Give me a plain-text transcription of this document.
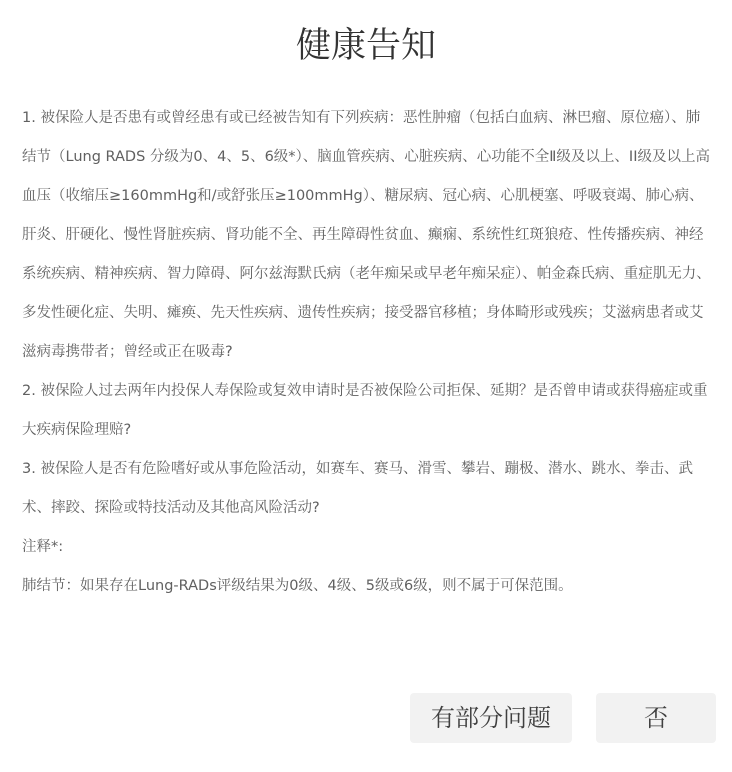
健康告知

1. 被保险人是否患有或曾经患有或已经被告知有下列疾病：恶性肿瘤（包括白血病、淋巴瘤、原位癌）、肺结节（Lung RADS 分级为0、4、5、6级*）、脑血管疾病、心脏疾病、心功能不全Ⅱ级及以上、II级及以上高血压（收缩压≥160mmHg和/或舒张压≥100mmHg）、糖尿病、冠心病、心肌梗塞、呼吸衰竭、肺心病、肝炎、肝硬化、慢性肾脏疾病、肾功能不全、再生障碍性贫血、癫痫、系统性红斑狼疮、性传播疾病、神经系统疾病、精神疾病、智力障碍、阿尔兹海默氏病（老年痴呆或早老年痴呆症）、帕金森氏病、重症肌无力、多发性硬化症、失明、瘫痪、先天性疾病、遗传性疾病；接受器官移植；身体畸形或残疾；艾滋病患者或艾滋病毒携带者；曾经或正在吸毒?

2. 被保险人过去两年内投保人寿保险或复效申请时是否被保险公司拒保、延期？是否曾申请或获得癌症或重大疾病保险理赔?

3. 被保险人是否有危险嗜好或从事危险活动，如赛车、赛马、滑雪、攀岩、蹦极、潜水、跳水、拳击、武术、摔跤、探险或特技活动及其他高风险活动?

注释*:

肺结节：如果存在Lung-RADs评级结果为0级、4级、5级或6级，则不属于可保范围。

有部分问题	否
